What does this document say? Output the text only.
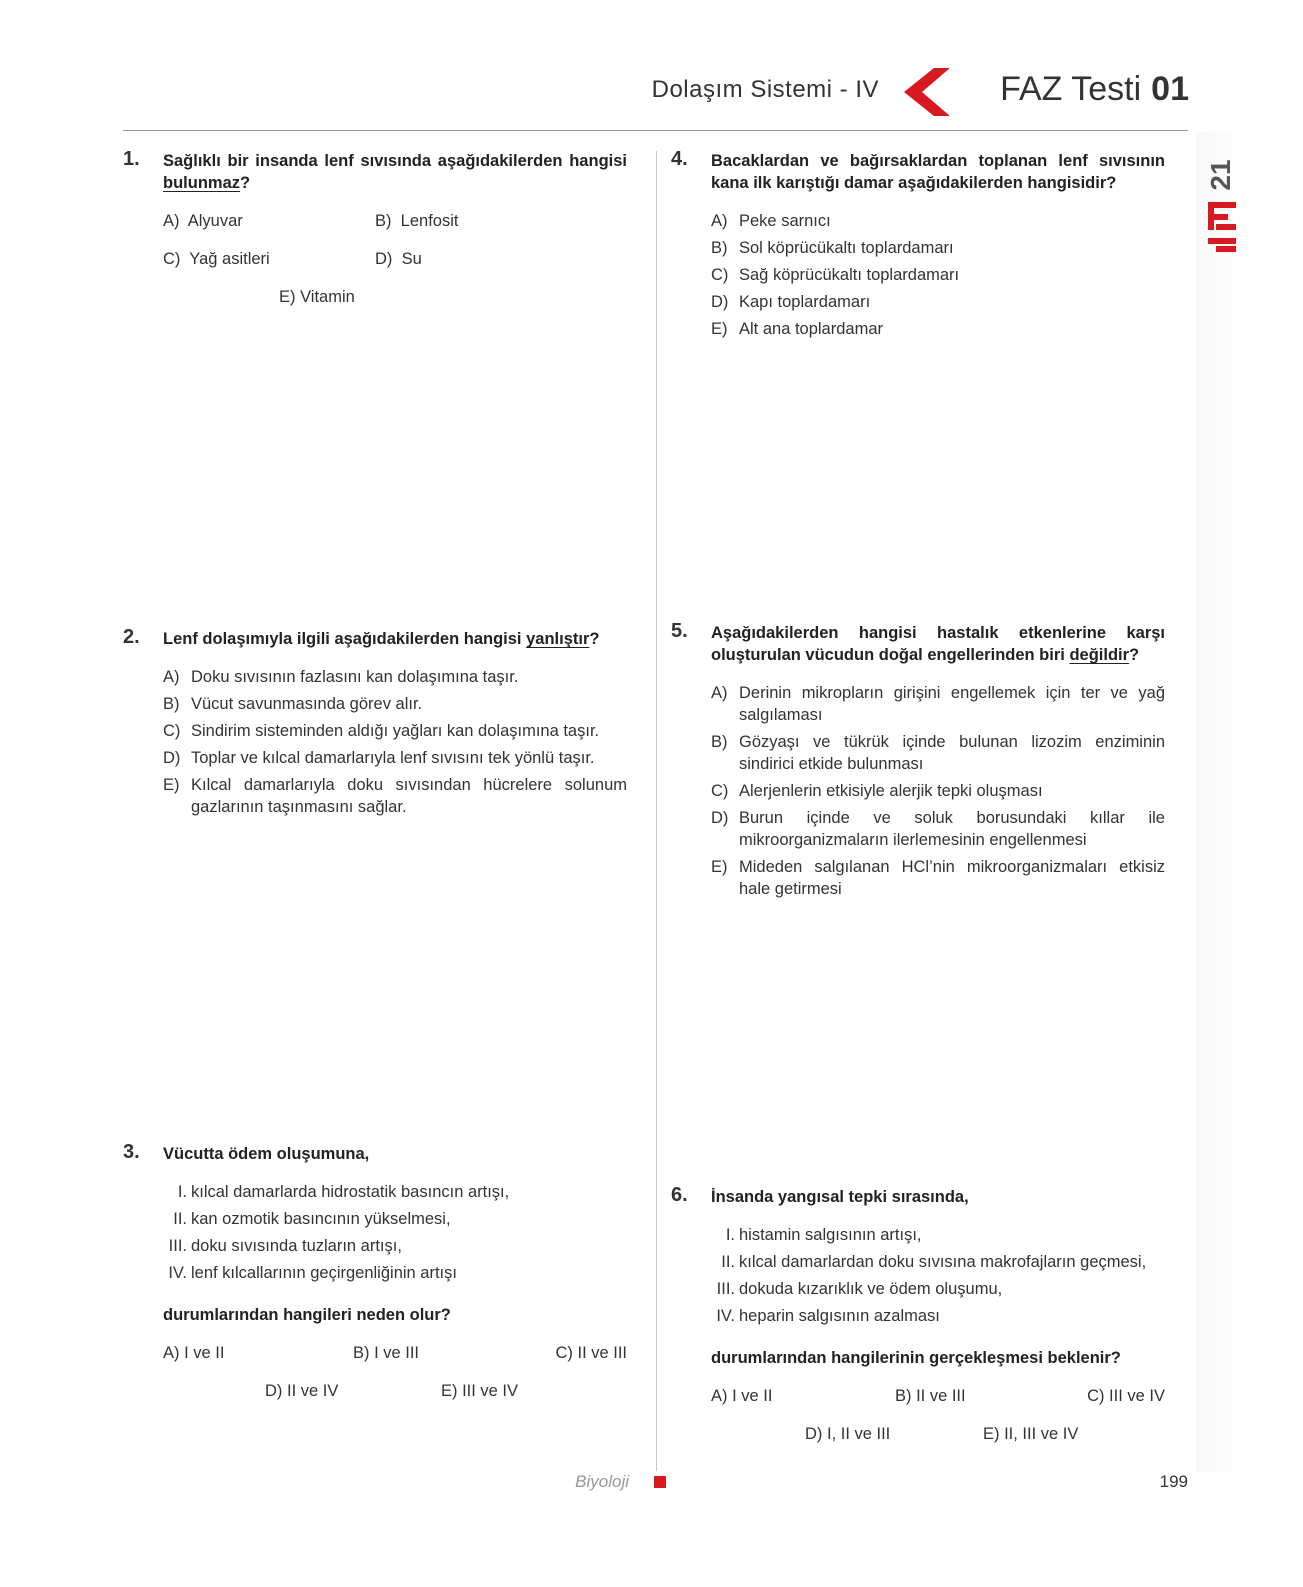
Dolaşım Sistemi - IV	FAZ Testi 01
21
1. Sağlıklı bir insanda lenf sıvısında aşağıdakilerden hangisi bulunmaz?
A) Alyuvar	B) Lenfosit
C) Yağ asitleri	D) Su
E) Vitamin
2. Lenf dolaşımıyla ilgili aşağıdakilerden hangisi yanlıştır?
A) Doku sıvısının fazlasını kan dolaşımına taşır.
B) Vücut savunmasında görev alır.
C) Sindirim sisteminden aldığı yağları kan dolaşımına taşır.
D) Toplar ve kılcal damarlarıyla lenf sıvısını tek yönlü taşır.
E) Kılcal damarlarıyla doku sıvısından hücrelere solunum gazlarının taşınmasını sağlar.
3. Vücutta ödem oluşumuna,
I. kılcal damarlarda hidrostatik basıncın artışı,
II. kan ozmotik basıncının yükselmesi,
III. doku sıvısında tuzların artışı,
IV. lenf kılcallarının geçirgenliğinin artışı
durumlarından hangileri neden olur?
A) I ve II	B) I ve III	C) II ve III
D) II ve IV	E) III ve IV
4. Bacaklardan ve bağırsaklardan toplanan lenf sıvısının kana ilk karıştığı damar aşağıdakilerden hangisidir?
A) Peke sarnıcı
B) Sol köprücükaltı toplardamarı
C) Sağ köprücükaltı toplardamarı
D) Kapı toplardamarı
E) Alt ana toplardamar
5. Aşağıdakilerden hangisi hastalık etkenlerine karşı oluşturulan vücudun doğal engellerinden biri değildir?
A) Derinin mikropların girişini engellemek için ter ve yağ salgılaması
B) Gözyaşı ve tükrük içinde bulunan lizozim enziminin sindirici etkide bulunması
C) Alerjenlerin etkisiyle alerjik tepki oluşması
D) Burun içinde ve soluk borusundaki kıllar ile mikroorganizmaların ilerlemesinin engellenmesi
E) Mideden salgılanan HCl’nin mikroorganizmaları etkisiz hale getirmesi
6. İnsanda yangısal tepki sırasında,
I. histamin salgısının artışı,
II. kılcal damarlardan doku sıvısına makrofajların geçmesi,
III. dokuda kızarıklık ve ödem oluşumu,
IV. heparin salgısının azalması
durumlarından hangilerinin gerçekleşmesi beklenir?
A) I ve II	B) II ve III	C) III ve IV
D) I, II ve III	E) II, III ve IV
Biyoloji	199
